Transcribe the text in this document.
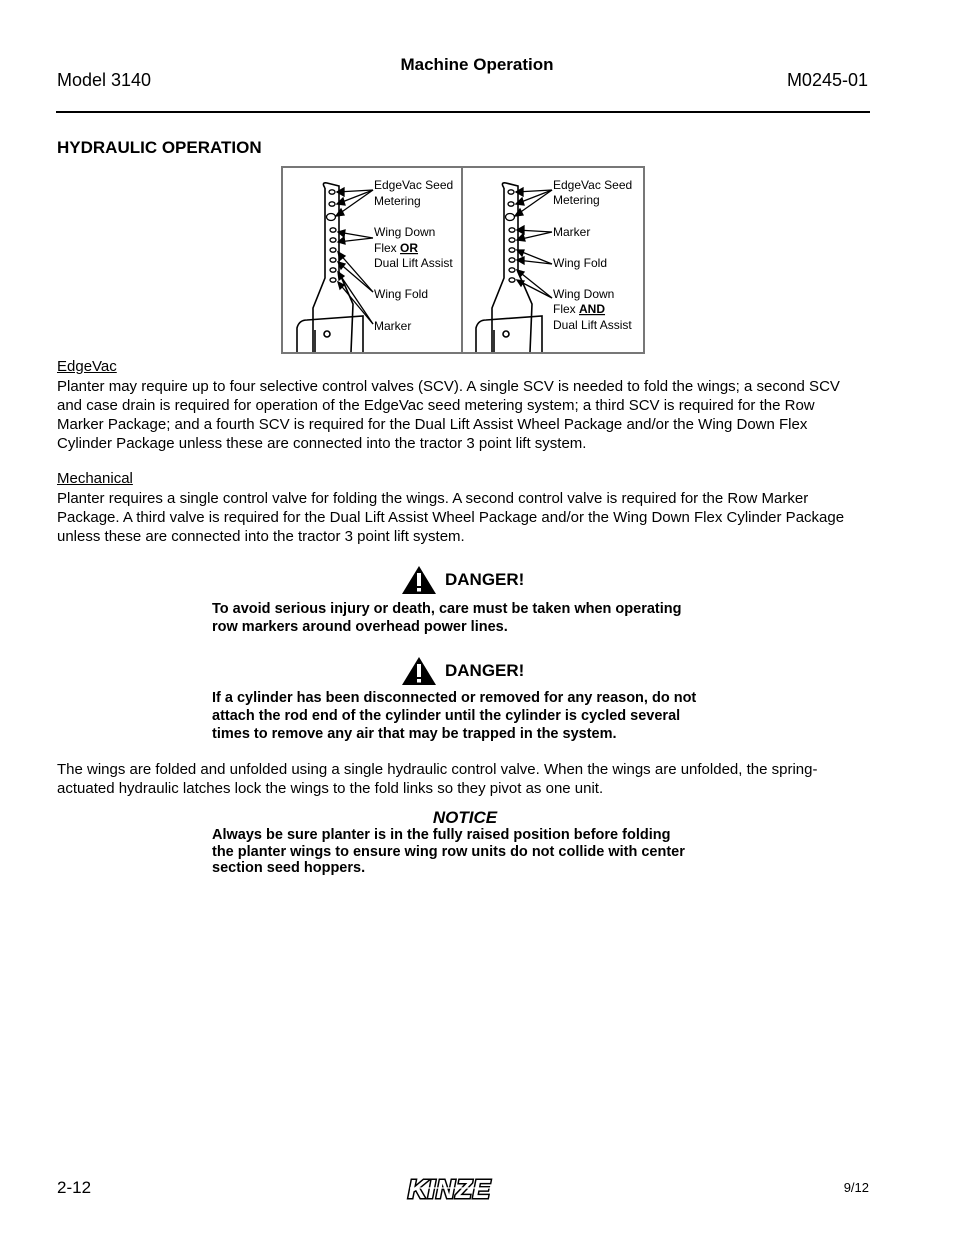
Model 3140
Machine Operation
M0245-01
HYDRAULIC OPERATION
EdgeVac Seed
Metering
Wing Down
Flex OR
Dual Lift Assist
Wing Fold
Marker
EdgeVac Seed
Metering
Marker
Wing Fold
Wing Down
Flex AND
Dual Lift Assist
EdgeVac
Planter may require up to four selective control valves (SCV). A single SCV is needed to fold the wings; a second SCV
and case drain is required for operation of the EdgeVac seed metering system; a third SCV is required for the Row
Marker Package; and a fourth SCV is required for the Dual Lift Assist Wheel Package and/or the Wing Down Flex
Cylinder Package unless these are connected into the tractor 3 point lift system.
Mechanical
Planter requires a single control valve for folding the wings. A second control valve is required for the Row Marker
Package. A third valve is required for the Dual Lift Assist Wheel Package and/or the Wing Down Flex Cylinder Package
unless these are connected into the tractor 3 point lift system.
DANGER!
To avoid serious injury or death, care must be taken when operating
row markers around overhead power lines.
DANGER!
If a cylinder has been disconnected or removed for any reason, do not
attach the rod end of the cylinder until the cylinder is cycled several
times to remove any air that may be trapped in the system.
The wings are folded and unfolded using a single hydraulic control valve. When the wings are unfolded, the spring-
actuated hydraulic latches lock the wings to the fold links so they pivot as one unit.
NOTICE
Always be sure planter is in the fully raised position before folding
the planter wings to ensure wing row units do not collide with center
section seed hoppers.
2-12	KINZE	9/12
